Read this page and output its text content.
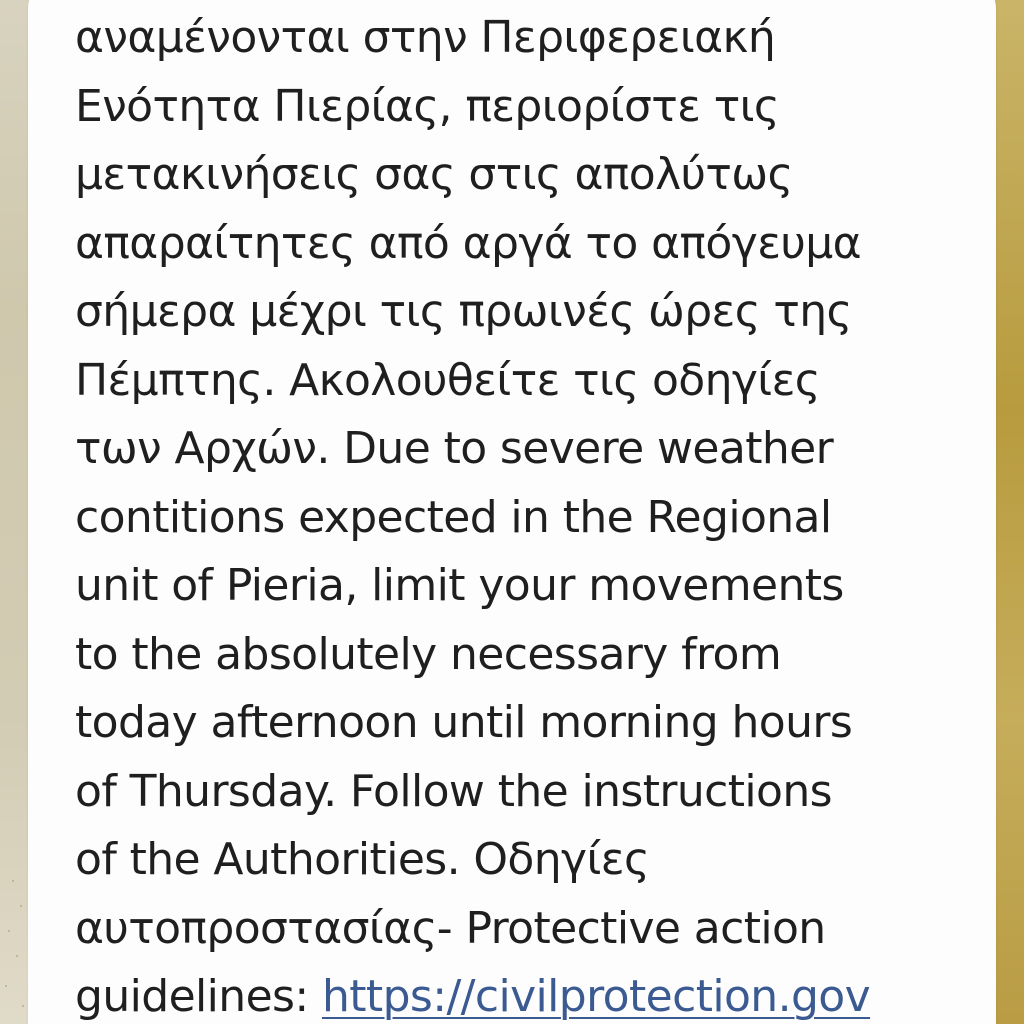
αναμένονται στην Περιφερειακή
Ενότητα Πιερίας, περιορίστε τις
μετακινήσεις σας στις απολύτως
απαραίτητες από αργά το απόγευμα
σήμερα μέχρι τις πρωινές ώρες της
Πέμπτης. Ακολουθείτε τις οδηγίες
των Αρχών. Due to severe weather
contitions expected in the Regional
unit of Pieria, limit your movements
to the absolutely necessary from
today afternoon until morning hours
of Thursday. Follow the instructions
of the Authorities. Οδηγίες
αυτοπροστασίας- Protective action
guidelines: https://civilprotection.gov
